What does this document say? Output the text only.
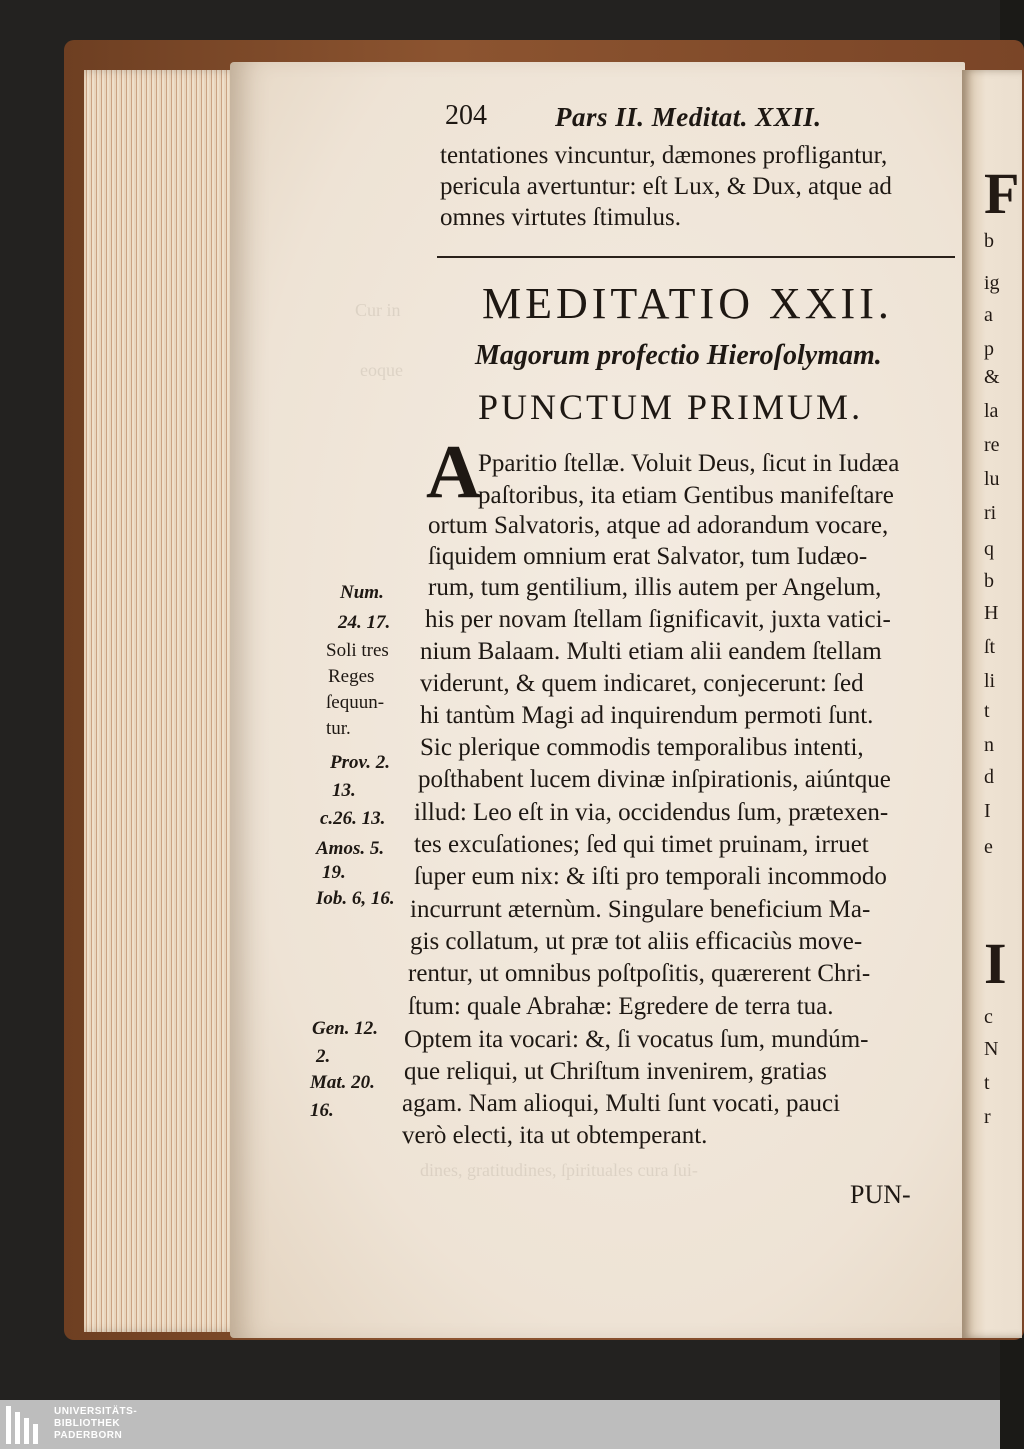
Cur in
eoque
dines, gratitudines, ſpirituales cura ſui-
F
b
ig
a
p
&
la
re
lu
ri
q
b
H
ſt
li
t
n
d
I
e
I
c
N
t
r
204	Pars II. Meditat. XXII.
tentationes vincuntur, dæmones profligantur,
pericula avertuntur: eſt Lux, & Dux, atque ad
omnes virtutes ſtimulus.
MEDITATIO XXII.
Magorum profectio Hieroſolymam.
PUNCTUM PRIMUM.
A
Pparitio ſtellæ. Voluit Deus, ſicut in Iudæa
paſtoribus, ita etiam Gentibus manifeſtare
ortum Salvatoris, atque ad adorandum vocare,
ſiquidem omnium erat Salvator, tum Iudæo-
rum, tum gentilium, illis autem per Angelum,
his per novam ſtellam ſignificavit, juxta vatici-
nium Balaam. Multi etiam alii eandem ſtellam
viderunt, & quem indicaret, conjecerunt: ſed
hi tantùm Magi ad inquirendum permoti ſunt.
Sic plerique commodis temporalibus intenti,
poſthabent lucem divinæ inſpirationis, aiúntque
illud: Leo eſt in via, occidendus ſum, prætexen-
tes excuſationes; ſed qui timet pruinam, irruet
ſuper eum nix: & iſti pro temporali incommodo
incurrunt æternùm. Singulare beneficium Ma-
gis collatum, ut præ tot aliis efficaciùs move-
rentur, ut omnibus poſtpoſitis, quærerent Chri-
ſtum: quale Abrahæ: Egredere de terra tua.
Optem ita vocari: &, ſi vocatus ſum, mundúm-
que reliqui, ut Chriſtum invenirem, gratias
agam. Nam alioqui, Multi ſunt vocati, pauci
verò electi, ita ut obtemperant.
Num.
24. 17.
Soli tres
Reges
ſequun-
tur.
Prov. 2.
13.
c.26. 13.
Amos. 5.
19.
Iob. 6, 16.
Gen. 12.
2.
Mat. 20.
16.
PUN-
UNIVERSITÄTS-
BIBLIOTHEK
PADERBORN
